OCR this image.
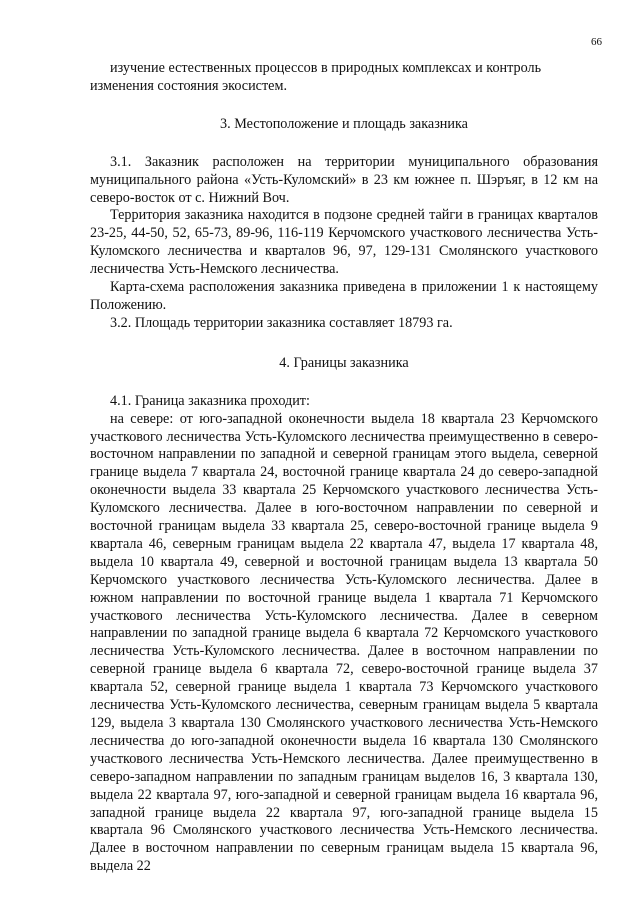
66

изучение естественных процессов в природных комплексах и контроль

изменения состояния экосистем.

3. Местоположение и площадь заказника

3.1. Заказник расположен на территории муниципального образования муниципального района «Усть-Куломский» в 23 км южнее п. Шэръяг, в 12 км на северо-восток от с. Нижний Воч.

Территория заказника находится в подзоне средней тайги в границах кварталов 23-25, 44-50, 52, 65-73, 89-96, 116-119 Керчомского участкового лесничества Усть-Куломского лесничества и кварталов 96, 97, 129-131 Смолянского участкового лесничества Усть-Немского лесничества.

Карта-схема расположения заказника приведена в приложении 1 к настоящему Положению.

3.2. Площадь территории заказника составляет 18793 га.

4. Границы заказника

4.1. Граница заказника проходит:

на севере: от юго-западной оконечности выдела 18 квартала 23 Керчомского участкового лесничества Усть-Куломского лесничества преимущественно в северо-восточном направлении по западной и северной границам этого выдела, северной границе выдела 7 квартала 24, восточной границе квартала 24 до северо-западной оконечности выдела 33 квартала 25 Керчомского участкового лесничества Усть-Куломского лесничества. Далее в юго-восточном направлении по северной и восточной границам выдела 33 квартала 25, северо-восточной границе выдела 9 квартала 46, северным границам выдела 22 квартала 47, выдела 17 квартала 48, выдела 10 квартала 49, северной и восточной границам выдела 13 квартала 50 Керчомского участкового лесничества Усть-Куломского лесничества. Далее в южном направлении по восточной границе выдела 1 квартала 71 Керчомского участкового лесничества Усть-Куломского лесничества. Далее в северном направлении по западной границе выдела 6 квартала 72 Керчомского участкового лесничества Усть-Куломского лесничества. Далее в восточном направлении по северной границе выдела 6 квартала 72, северо-восточной границе выдела 37 квартала 52, северной границе выдела 1 квартала 73 Керчомского участкового лесничества Усть-Куломского лесничества, северным границам выдела 5 квартала 129, выдела 3 квартала 130 Смолянского участкового лесничества Усть-Немского лесничества до юго-западной оконечности выдела 16 квартала 130 Смолянского участкового лесничества Усть-Немского лесничества. Далее преимущественно в северо-западном направлении по западным границам выделов 16, 3 квартала 130, выдела 22 квартала 97, юго-западной и северной границам выдела 16 квартала 96, западной границе выдела 22 квартала 97, юго-западной границе выдела 15 квартала 96 Смолянского участкового лесничества Усть-Немского лесничества. Далее в восточном направлении по северным границам выдела 15 квартала 96, выдела 22
